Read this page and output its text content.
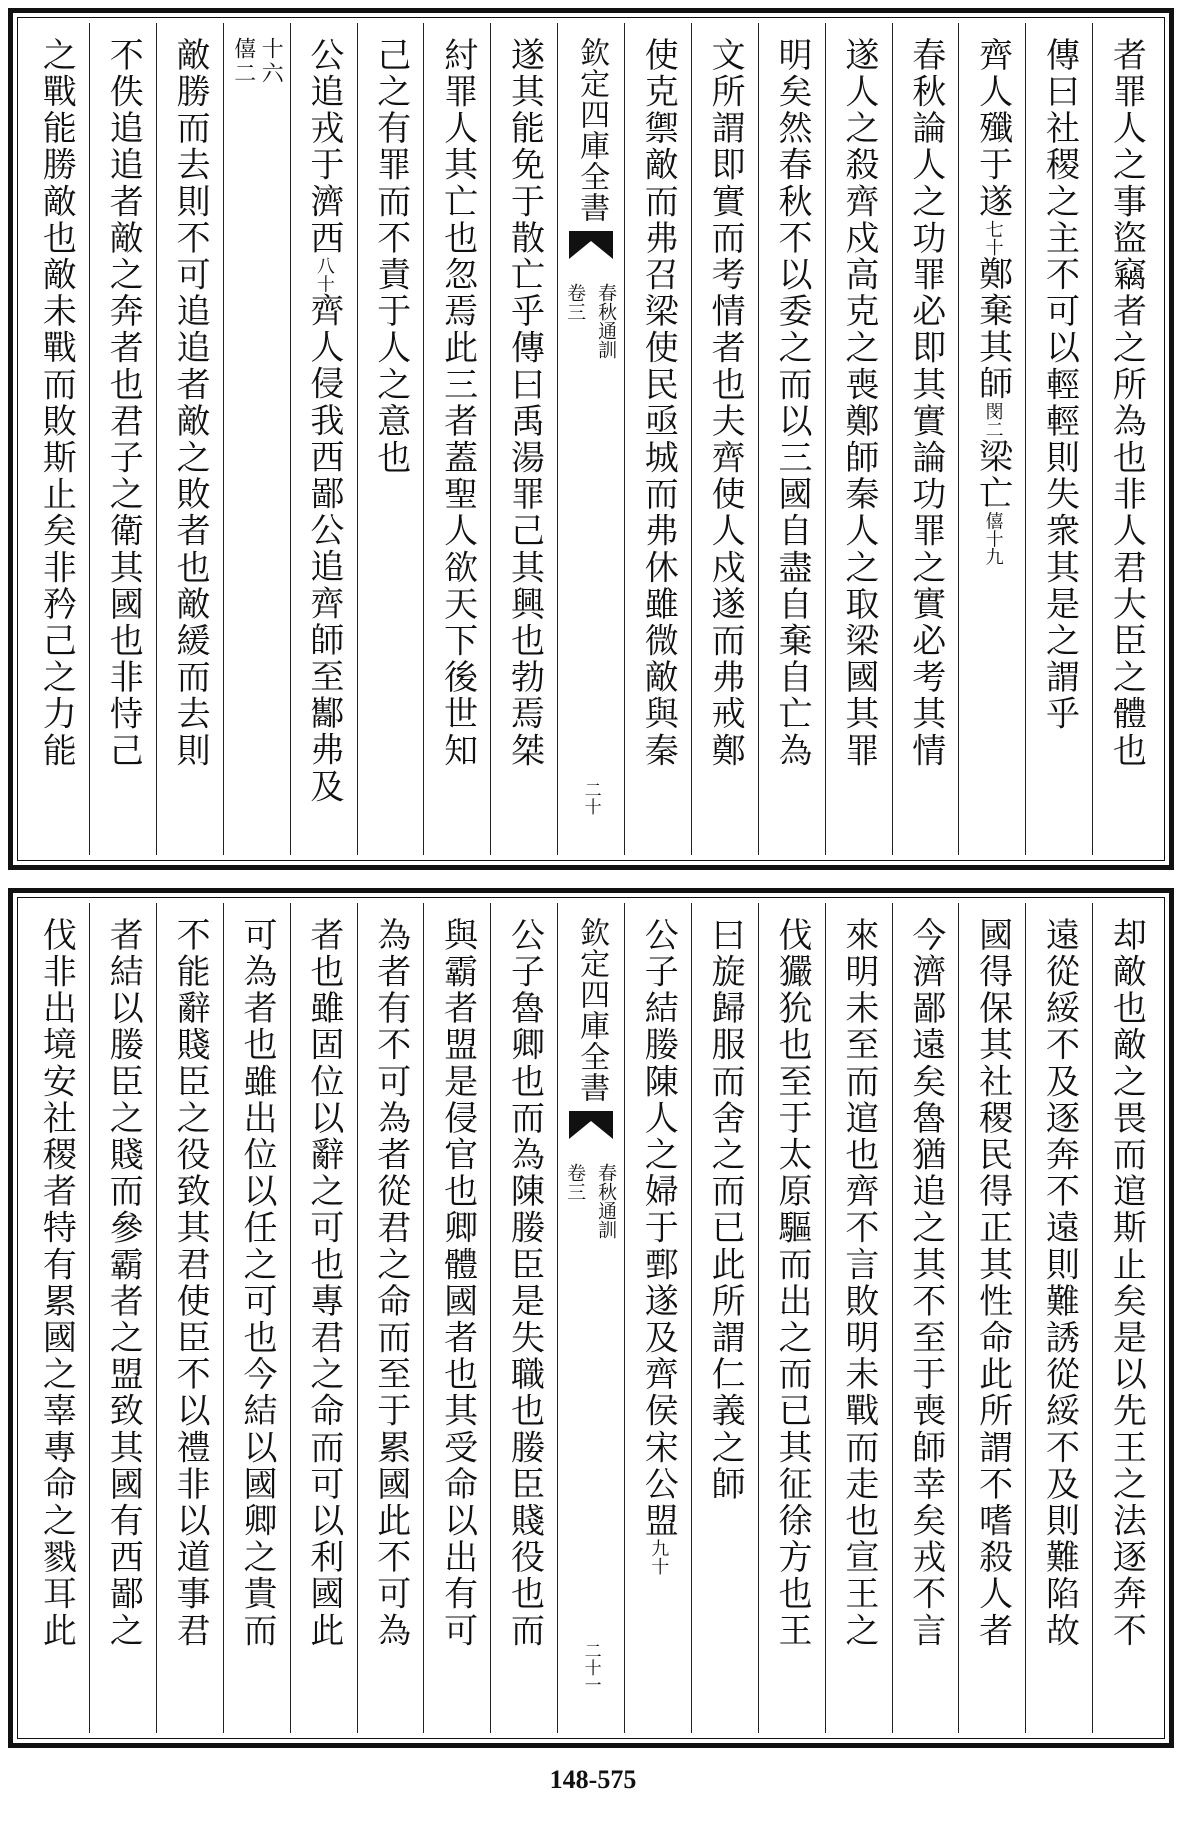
者罪人之事盜竊者之所為也非人君大臣之體也
傳曰社稷之主不可以輕輕則失衆其是之謂乎
齊人殲于遂七十鄭棄其師閔二梁亡僖十九
春秋論人之功罪必即其實論功罪之實必考其情
遂人之殺齊戍高克之喪鄭師秦人之取梁國其罪
明矣然春秋不以委之而以三國自盡自棄自亡為
文所謂即實而考情者也夫齊使人戍遂而弗戒鄭
使克禦敵而弗召梁使民亟城而弗休雖微敵與秦
欽定四庫全書
春秋通訓
卷三
二十
遂其能免于散亡乎傳曰禹湯罪己其興也勃焉桀
紂罪人其亡也忽焉此三者蓋聖人欲天下後世知
己之有罪而不責于人之意也
公追戎于濟西八十齊人侵我西鄙公追齊師至酅弗及
僖二 十六
敵勝而去則不可追追者敵之敗者也敵緩而去則
不佚追追者敵之奔者也君子之衛其國也非恃己
之戰能勝敵也敵未戰而敗斯止矣非矜己之力能
却敵也敵之畏而逭斯止矣是以先王之法逐奔不
遠從綏不及逐奔不遠則難誘從綏不及則難陷故
國得保其社稷民得正其性命此所謂不嗜殺人者
今濟鄙遠矣魯猶追之其不至于喪師幸矣戎不言
來明未至而逭也齊不言敗明未戰而走也宣王之
伐玁狁也至于太原驅而出之而已其征徐方也王
曰旋歸服而舍之而已此所謂仁義之師
公子結媵陳人之婦于鄄遂及齊侯宋公盟九十
欽定四庫全書
春秋通訓
卷三
二十一
公子魯卿也而為陳媵臣是失職也媵臣賤役也而
與霸者盟是侵官也卿體國者也其受命以出有可
為者有不可為者從君之命而至于累國此不可為
者也雖固位以辭之可也專君之命而可以利國此
可為者也雖出位以任之可也今結以國卿之貴而
不能辭賤臣之役致其君使臣不以禮非以道事君
者結以媵臣之賤而參霸者之盟致其國有西鄙之
伐非出境安社稷者特有累國之辜專命之戮耳此
148-575
